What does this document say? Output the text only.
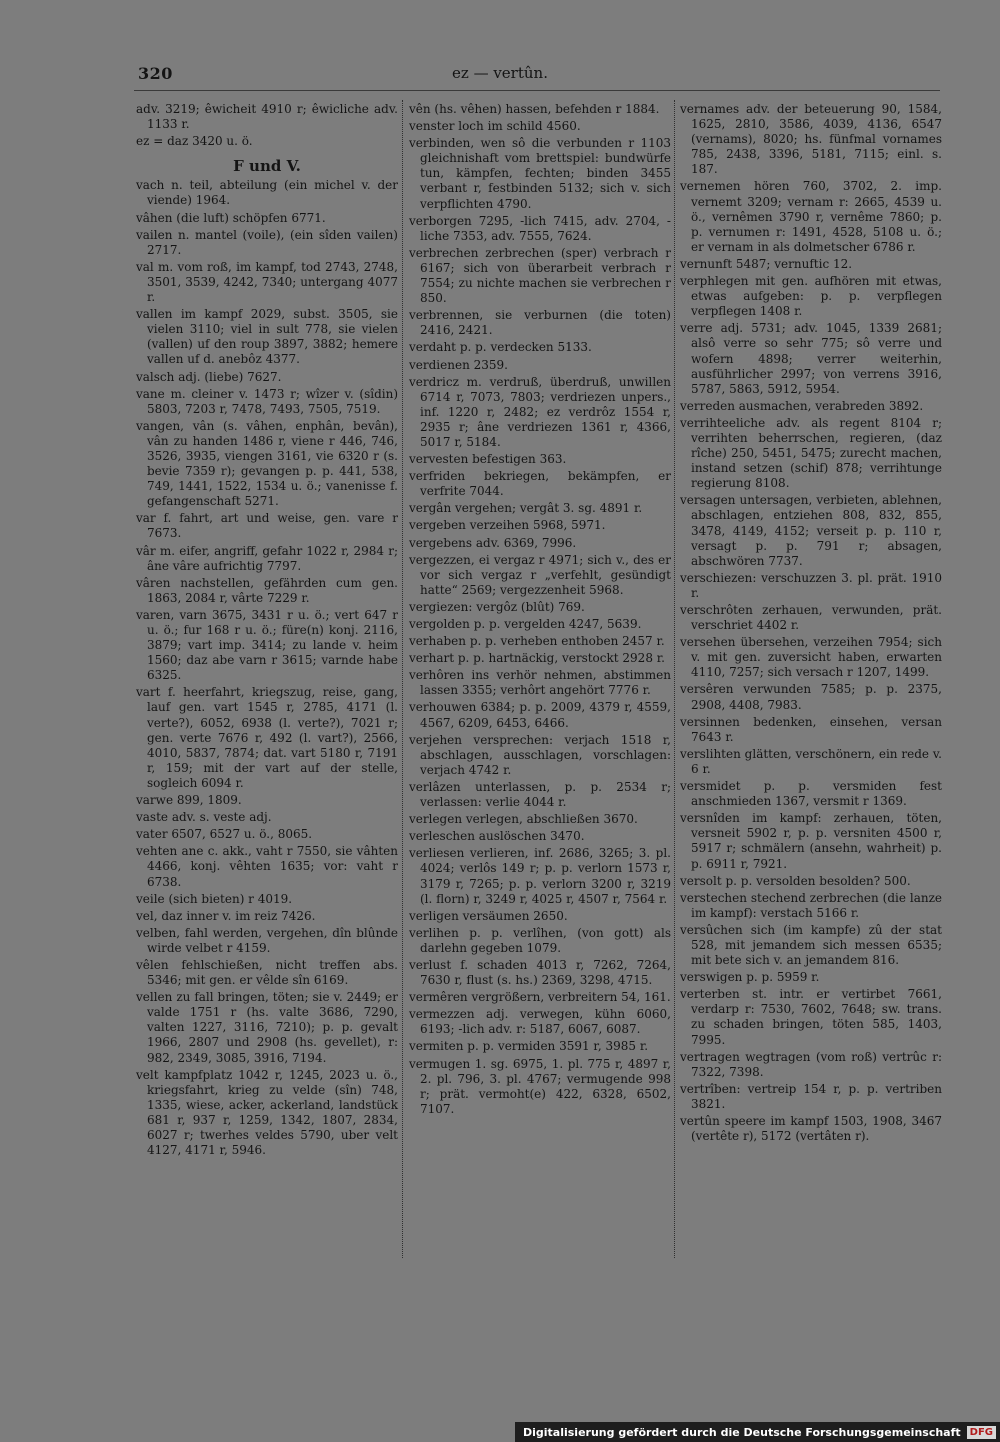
320	ez — vertûn.

adv. 3219; êwicheit 4910 r; êwicliche adv. 1133 r.

ez = daz 3420 u. ö.

F und V.

vach n. teil, abteilung (ein michel v. der viende) 1964.

vâhen (die luft) schöpfen 6771.

vailen n. mantel (voile), (ein sîden vailen) 2717.

val m. vom roß, im kampf, tod 2743, 2748, 3501, 3539, 4242, 7340; untergang 4077 r.

vallen im kampf 2029, subst. 3505, sie vielen 3110; viel in sult 778, sie vielen (vallen) uf den roup 3897, 3882; hemere vallen uf d. anebôz 4377.

valsch adj. (liebe) 7627.

vane m. cleiner v. 1473 r; wîzer v. (sîdin) 5803, 7203 r, 7478, 7493, 7505, 7519.

vangen, vân (s. vâhen, enphân, bevân), vân zu handen 1486 r, viene r 446, 746, 3526, 3935, viengen 3161, vie 6320 r (s. bevie 7359 r); gevangen p. p. 441, 538, 749, 1441, 1522, 1534 u. ö.; vanenisse f. gefangenschaft 5271.

var f. fahrt, art und weise, gen. vare r 7673.

vâr m. eifer, angriff, gefahr 1022 r, 2984 r; âne vâre aufrichtig 7797.

vâren nachstellen, gefährden cum gen. 1863, 2084 r, vârte 7229 r.

varen, varn 3675, 3431 r u. ö.; vert 647 r u. ö.; fur 168 r u. ö.; füre(n) konj. 2116, 3879; vart imp. 3414; zu lande v. heim 1560; daz abe varn r 3615; varnde habe 6325.

vart f. heerfahrt, kriegszug, reise, gang, lauf gen. vart 1545 r, 2785, 4171 (l. verte?), 6052, 6938 (l. verte?), 7021 r; gen. verte 7676 r, 492 (l. vart?), 2566, 4010, 5837, 7874; dat. vart 5180 r, 7191 r, 159; mit der vart auf der stelle, sogleich 6094 r.

varwe 899, 1809.

vaste adv. s. veste adj.

vater 6507, 6527 u. ö., 8065.

vehten ane c. akk., vaht r 7550, sie vâhten 4466, konj. vêhten 1635; vor: vaht r 6738.

veile (sich bieten) r 4019.

vel, daz inner v. im reiz 7426.

velben, fahl werden, vergehen, dîn blûnde wirde velbet r 4159.

vêlen fehlschießen, nicht treffen abs. 5346; mit gen. er vêlde sîn 6169.

vellen zu fall bringen, töten; sie v. 2449; er valde 1751 r (hs. valte 3686, 7290, valten 1227, 3116, 7210); p. p. gevalt 1966, 2807 und 2908 (hs. gevellet), r: 982, 2349, 3085, 3916, 7194.

velt kampfplatz 1042 r, 1245, 2023 u. ö., kriegsfahrt, krieg zu velde (sîn) 748, 1335, wiese, acker, ackerland, landstück 681 r, 937 r, 1259, 1342, 1807, 2834, 6027 r; twerhes veldes 5790, uber velt 4127, 4171 r, 5946.

vên (hs. vêhen) hassen, befehden r 1884.

venster loch im schild 4560.

verbinden, wen sô die verbunden r 1103 gleichnishaft vom brettspiel: bundwürfe tun, kämpfen, fechten; binden 3455 verbant r, festbinden 5132; sich v. sich verpflichten 4790.

verborgen 7295, -lich 7415, adv. 2704, -liche 7353, adv. 7555, 7624.

verbrechen zerbrechen (sper) verbrach r 6167; sich von überarbeit verbrach r 7554; zu nichte machen sie verbrechen r 850.

verbrennen, sie verburnen (die toten) 2416, 2421.

verdaht p. p. verdecken 5133.

verdienen 2359.

verdricz m. verdruß, überdruß, unwillen 6714 r, 7073, 7803; verdriezen unpers., inf. 1220 r, 2482; ez verdrôz 1554 r, 2935 r; âne verdriezen 1361 r, 4366, 5017 r, 5184.

vervesten befestigen 363.

verfriden bekriegen, bekämpfen, er verfrite 7044.

vergân vergehen; vergât 3. sg. 4891 r.

vergeben verzeihen 5968, 5971.

vergebens adv. 6369, 7996.

vergezzen, ei vergaz r 4971; sich v., des er vor sich vergaz r „verfehlt, gesündigt hatte“ 2569; vergezzenheit 5968.

vergiezen: vergôz (blût) 769.

vergolden p. p. vergelden 4247, 5639.

verhaben p. p. verheben enthoben 2457 r.

verhart p. p. hartnäckig, verstockt 2928 r.

verhôren ins verhör nehmen, abstimmen lassen 3355; verhôrt angehört 7776 r.

verhouwen 6384; p. p. 2009, 4379 r, 4559, 4567, 6209, 6453, 6466.

verjehen versprechen: verjach 1518 r, abschlagen, ausschlagen, vorschlagen: verjach 4742 r.

verlâzen unterlassen, p. p. 2534 r; verlassen: verlie 4044 r.

verlegen verlegen, abschließen 3670.

verleschen auslöschen 3470.

verliesen verlieren, inf. 2686, 3265; 3. pl. 4024; verlôs 149 r; p. p. verlorn 1573 r, 3179 r, 7265; p. p. verlorn 3200 r, 3219 (l. florn) r, 3249 r, 4025 r, 4507 r, 7564 r.

verligen versäumen 2650.

verlihen p. p. verlîhen, (von gott) als darlehn gegeben 1079.

verlust f. schaden 4013 r, 7262, 7264, 7630 r, flust (s. hs.) 2369, 3298, 4715.

vermêren vergrößern, verbreitern 54, 161.

vermezzen adj. verwegen, kühn 6060, 6193; -lich adv. r: 5187, 6067, 6087.

vermiten p. p. vermiden 3591 r, 3985 r.

vermugen 1. sg. 6975, 1. pl. 775 r, 4897 r, 2. pl. 796, 3. pl. 4767; vermugende 998 r; prät. vermoht(e) 422, 6328, 6502, 7107.

vernames adv. der beteuerung 90, 1584, 1625, 2810, 3586, 4039, 4136, 6547 (vernams), 8020; hs. fünfmal vornames 785, 2438, 3396, 5181, 7115; einl. s. 187.

vernemen hören 760, 3702, 2. imp. vernemt 3209; vernam r: 2665, 4539 u. ö., vernêmen 3790 r, vernême 7860; p. p. vernumen r: 1491, 4528, 5108 u. ö.; er vernam in als dolmetscher 6786 r.

vernunft 5487; vernuftic 12.

verphlegen mit gen. aufhören mit etwas, etwas aufgeben: p. p. verpflegen verpflegen 1408 r.

verre adj. 5731; adv. 1045, 1339 2681; alsô verre so sehr 775; sô verre und wofern 4898; verrer weiterhin, ausführlicher 2997; von verrens 3916, 5787, 5863, 5912, 5954.

verreden ausmachen, verabreden 3892.

verrihteeliche adv. als regent 8104 r; verrihten beherrschen, regieren, (daz rîche) 250, 5451, 5475; zurecht machen, instand setzen (schif) 878; verrihtunge regierung 8108.

versagen untersagen, verbieten, ablehnen, abschlagen, entziehen 808, 832, 855, 3478, 4149, 4152; verseit p. p. 110 r, versagt p. p. 791 r; absagen, abschwören 7737.

verschiezen: verschuzzen 3. pl. prät. 1910 r.

verschrôten zerhauen, verwunden, prät. verschriet 4402 r.

versehen übersehen, verzeihen 7954; sich v. mit gen. zuversicht haben, erwarten 4110, 7257; sich versach r 1207, 1499.

versêren verwunden 7585; p. p. 2375, 2908, 4408, 7983.

versinnen bedenken, einsehen, versan 7643 r.

verslihten glätten, verschönern, ein rede v. 6 r.

versmidet p. p. versmiden fest anschmieden 1367, versmit r 1369.

versnîden im kampf: zerhauen, töten, versneit 5902 r, p. p. versniten 4500 r, 5917 r; schmälern (ansehn, wahrheit) p. p. 6911 r, 7921.

versolt p. p. versolden besolden? 500.

verstechen stechend zerbrechen (die lanze im kampf): verstach 5166 r.

versûchen sich (im kampfe) zû der stat 528, mit jemandem sich messen 6535; mit bete sich v. an jemandem 816.

verswigen p. p. 5959 r.

verterben st. intr. er vertirbet 7661, verdarp r: 7530, 7602, 7648; sw. trans. zu schaden bringen, töten 585, 1403, 7995.

vertragen wegtragen (vom roß) vertrûc r: 7322, 7398.

vertrîben: vertreip 154 r, p. p. vertriben 3821.

vertûn speere im kampf 1503, 1908, 3467 (vertête r), 5172 (vertâten r).

Digitalisierung gefördert durch die Deutsche Forschungsgemeinschaft DFG
